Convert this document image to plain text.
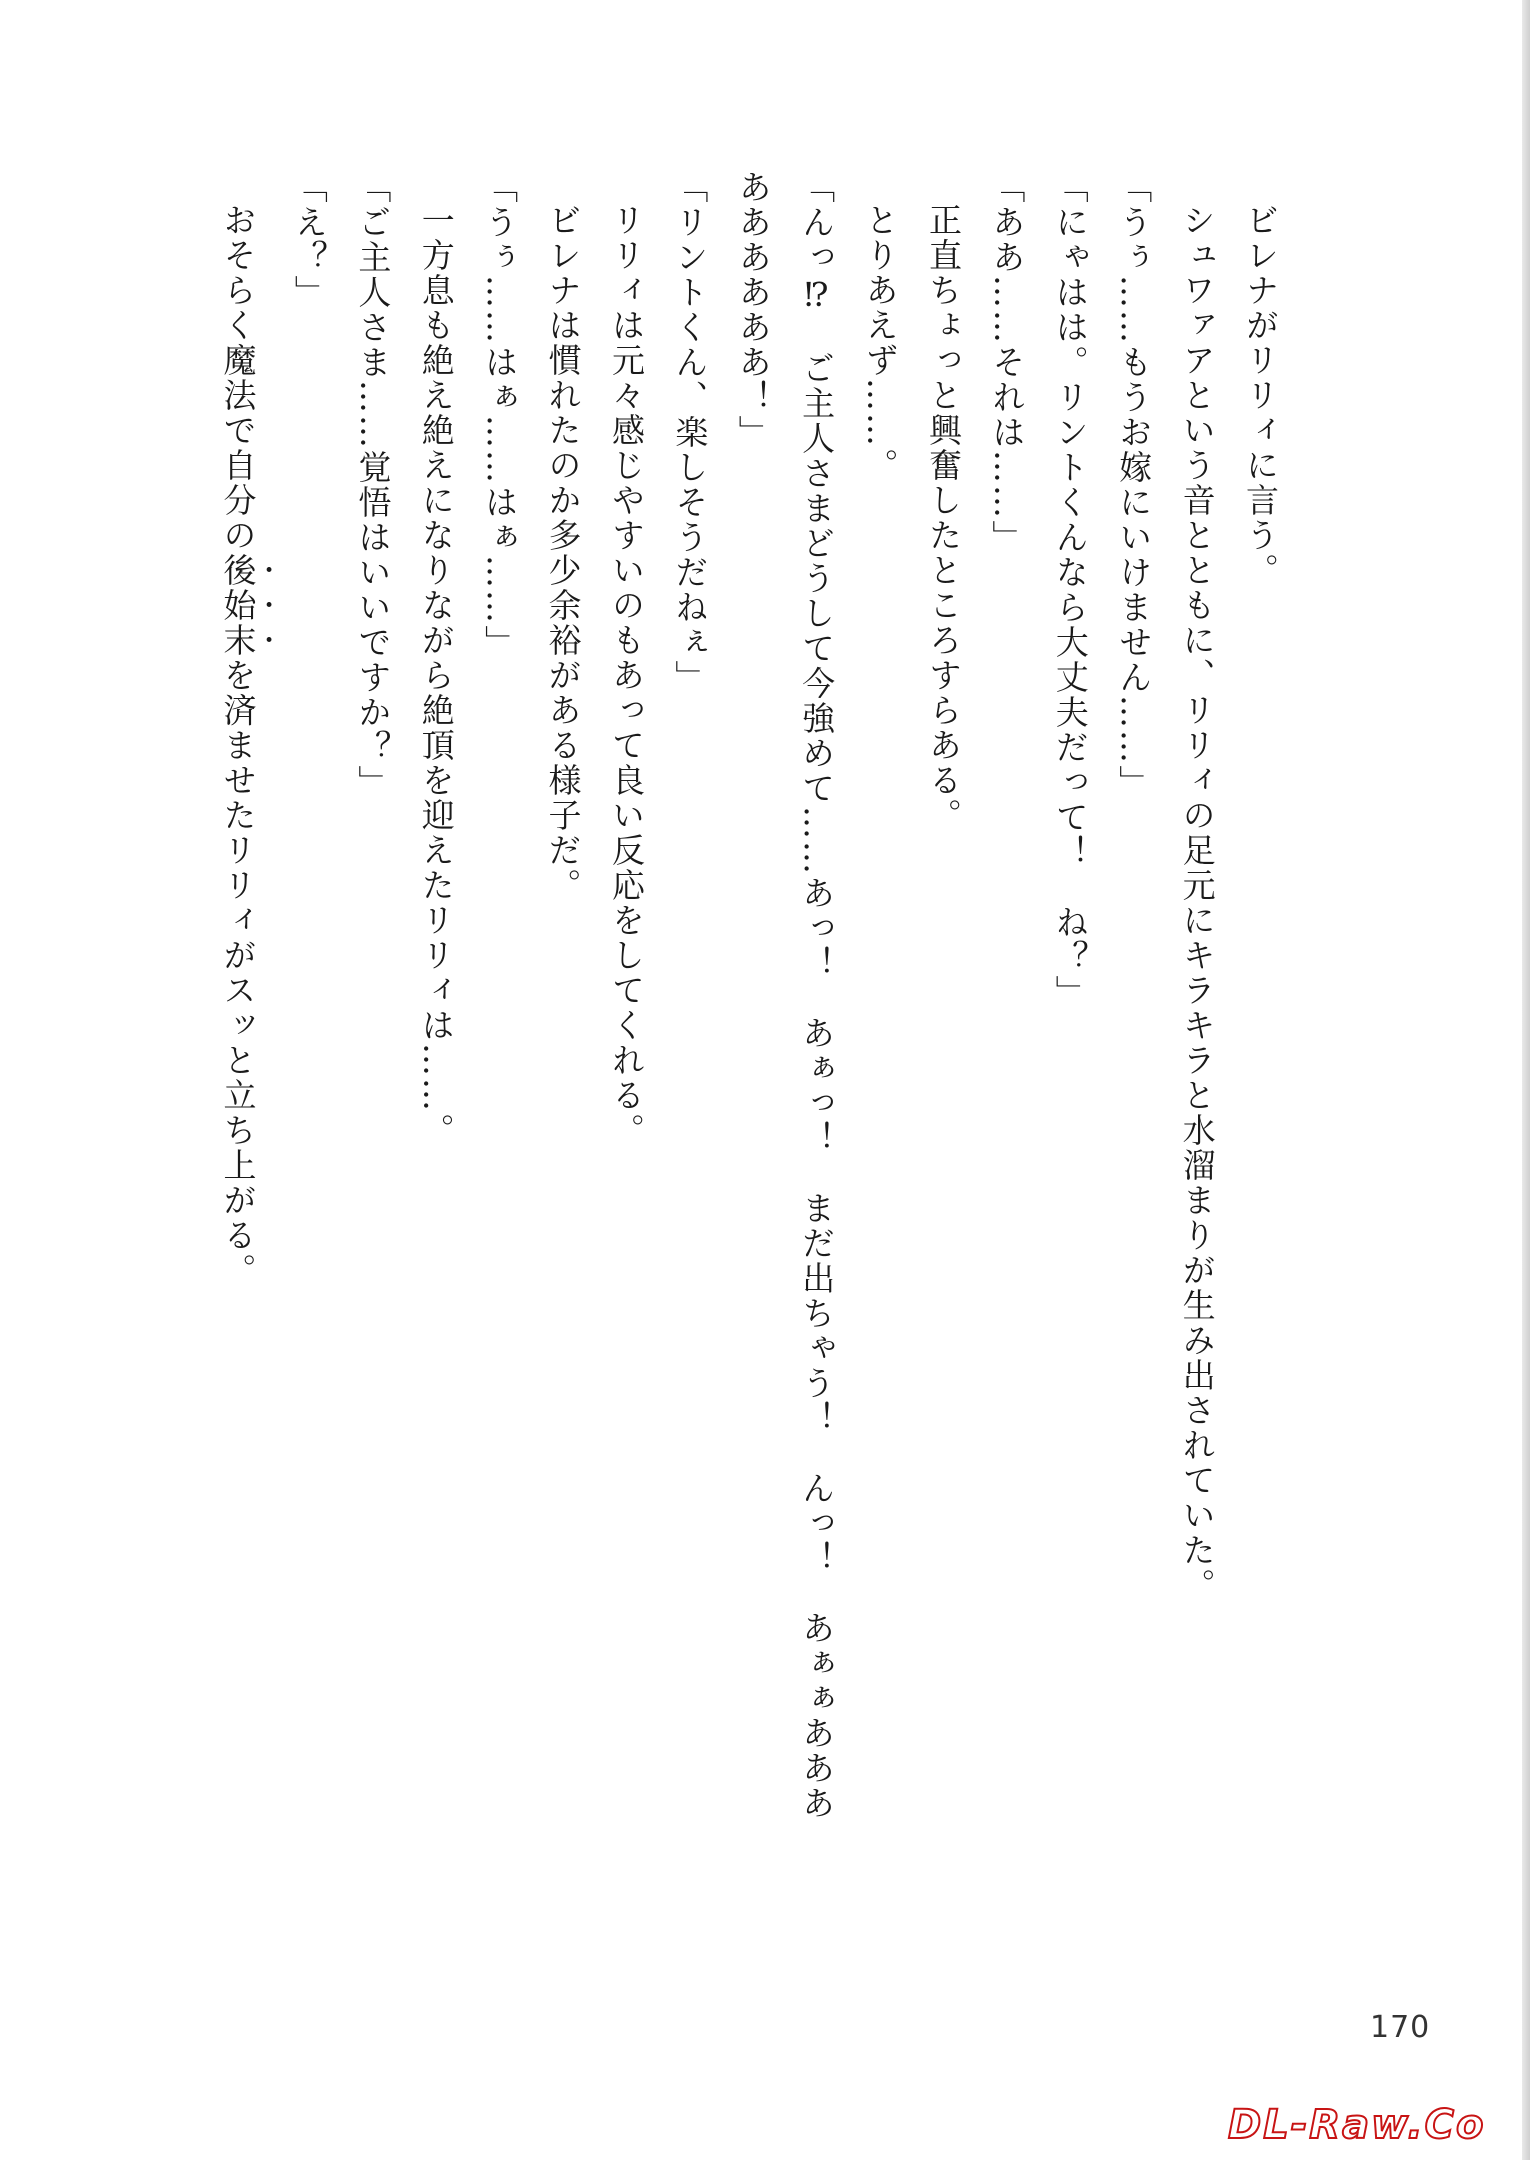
ビレナがリリィに言う。

シュワァアという音とともに、リリィの足元にキラキラと水溜まりが生み出されていた。

「うぅ……もうお嫁にいけません……」

「にゃはは。リントくんなら大丈夫だって！　ね？」

「ああ……それは……」

正直ちょっと興奮したところすらある。

とりあえず……。

「んっ⁉　ご主人さまどうして今強めて……あっ！　あぁっ！　まだ出ちゃう！　んっ！　あぁぁあああ

ああああああ！」

「リントくん、楽しそうだねぇ」

リリィは元々感じやすいのもあって良い反応をしてくれる。

ビレナは慣れたのか多少余裕がある様子だ。

「うぅ……はぁ……はぁ……」

一方息も絶え絶えになりながら絶頂を迎えたリリィは……。

「ご主人さま……覚悟はいいですか？」

「え？」

おそらく魔法で自分の後始末を済ませたリリィがスッと立ち上がる。

170
DL-Raw.Co
